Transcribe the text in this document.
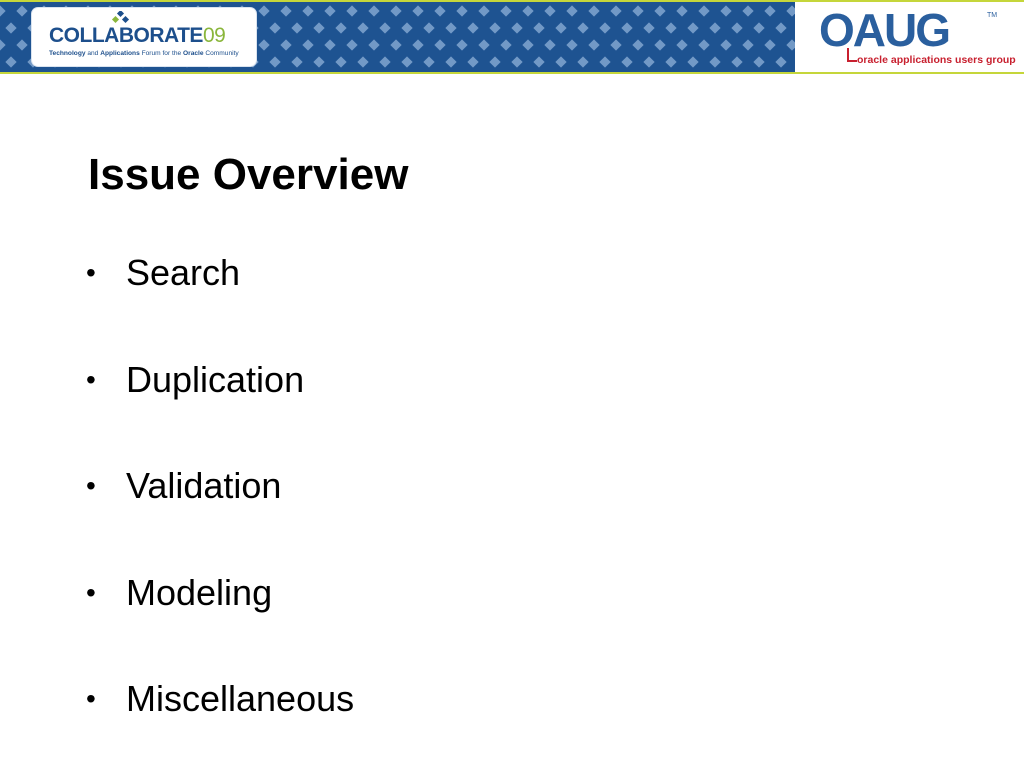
COLLABORATE09
Technology and Applications Forum for the Oracle Community	OAUG	TM
oracle applications users group
Issue Overview
• Search
• Duplication
• Validation
• Modeling
• Miscellaneous
